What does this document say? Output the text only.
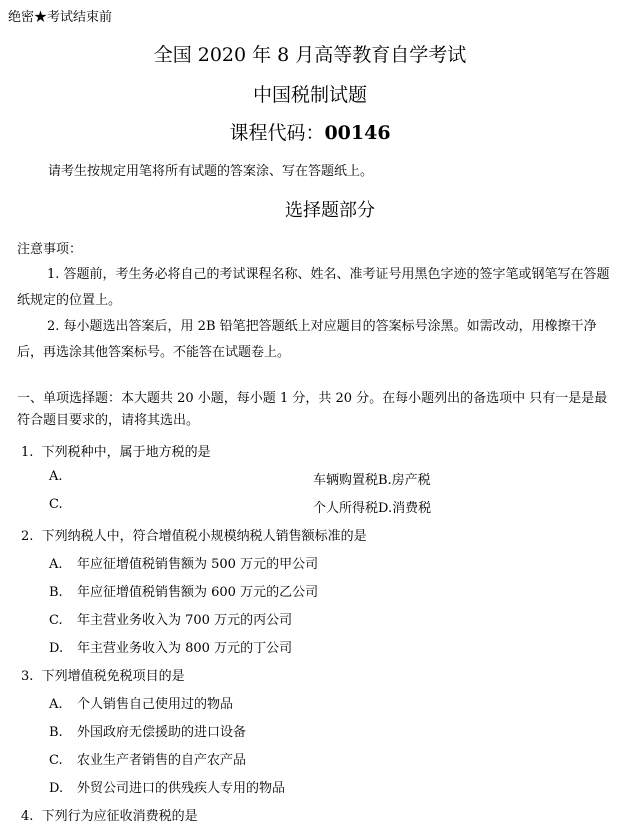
绝密★考试结束前
全国 2020 年 8 月高等教育自学考试
中国税制试题
课程代码：00146
请考生按规定用笔将所有试题的答案涂、写在答题纸上。
选择题部分
注意事项：
1. 答题前，考生务必将自己的考试课程名称、姓名、准考证号用黑色字迹的签字笔或钢笔写在答题纸规定的位置上。
2. 每小题选出答案后，用 2B 铅笔把答题纸上对应题目的答案标号涂黑。如需改动，用橡擦干净后，再选涂其他答案标号。不能答在试题卷上。
一、单项选择题：本大题共 20 小题，每小题 1 分，共 20 分。在每小题列出的备选项中 只有一是是最符合题目要求的，请将其选出。
1. 下列税种中，属于地方税的是
A.	车辆购置税B.房产税
C.	个人所得税D.消费税
2. 下列纳税人中，符合增值税小规模纳税人销售额标准的是
A. 年应征增值税销售额为 500 万元的甲公司
B. 年应征增值税销售额为 600 万元的乙公司
C. 年主营业务收入为 700 万元的丙公司
D. 年主营业务收入为 800 万元的丁公司
3. 下列增值税免税项目的是
A. 个人销售自己使用过的物品
B. 外国政府无偿援助的进口设备
C. 农业生产者销售的自产农产品
D. 外贸公司进口的供残疾人专用的物品
4. 下列行为应征收消费税的是
